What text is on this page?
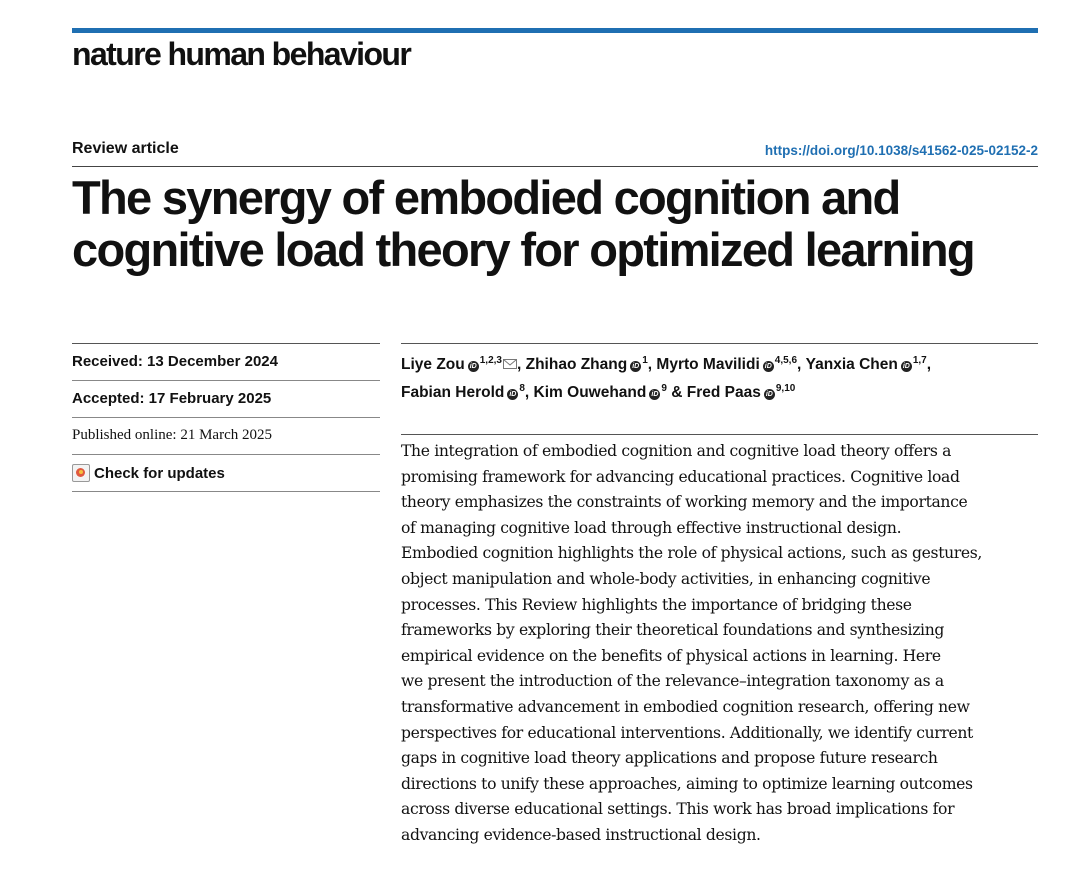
nature human behaviour
Review article	https://doi.org/10.1038/s41562-025-02152-2
The synergy of embodied cognition and
cognitive load theory for optimized learning
Received: 13 December 2024
Accepted: 17 February 2025
Published online: 21 March 2025
Check for updates
Liye Zou iD$^{1,2,3}$ , Zhihao Zhang iD$^1$, Myrto Mavilidi iD$^{4,5,6}$, Yanxia Chen iD$^{1,7}$,
Fabian Herold iD$^8$, Kim Ouwehand iD$^9$ & Fred Paas iD$^{9,10}$

The integration of embodied cognition and cognitive load theory offers a
promising framework for advancing educational practices. Cognitive load
theory emphasizes the constraints of working memory and the importance
of managing cognitive load through effective instructional design.
Embodied cognition highlights the role of physical actions, such as gestures,
object manipulation and whole-body activities, in enhancing cognitive
processes. This Review highlights the importance of bridging these
frameworks by exploring their theoretical foundations and synthesizing
empirical evidence on the benefits of physical actions in learning. Here
we present the introduction of the relevance–integration taxonomy as a
transformative advancement in embodied cognition research, offering new
perspectives for educational interventions. Additionally, we identify current
gaps in cognitive load theory applications and propose future research
directions to unify these approaches, aiming to optimize learning outcomes
across diverse educational settings. This work has broad implications for
advancing evidence-based instructional design.
